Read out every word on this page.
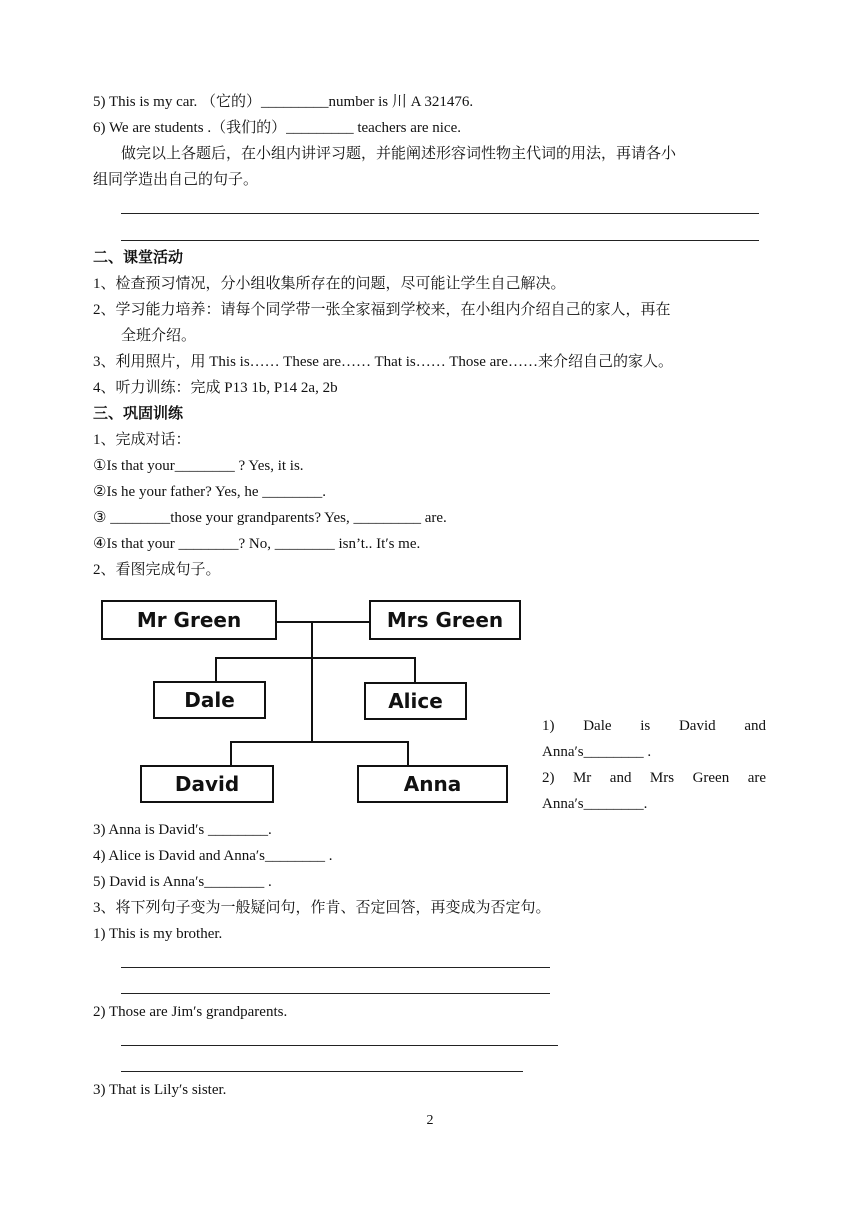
5) This is my car. （它的）_________number is 川 A 321476.
6) We are students .（我们的）_________ teachers are nice.
做完以上各题后，在小组内讲评习题，并能阐述形容词性物主代词的用法，再请各小
组同学造出自己的句子。
二、课堂活动
1、检查预习情况，分小组收集所存在的问题，尽可能让学生自己解决。
2、学习能力培养：请每个同学带一张全家福到学校来，在小组内介绍自己的家人，再在
全班介绍。
3、利用照片，用 This is…… These are…… That is…… Those are……来介绍自己的家人。
4、听力训练：完成 P13 1b, P14 2a, 2b
三、巩固训练
1、完成对话：
①Is that your________ ? Yes, it is.
②Is he your father? Yes, he ________.
③ ________those your grandparents? Yes, _________ are.
④Is that your ________? No, ________ isn’t.. It′s me.
2、看图完成句子。
Mr Green	Mrs Green
Dale	Alice
David	Anna
1) Dale is David and
Anna′s________ .
2) Mr and Mrs Green are
Anna′s________.
3) Anna is David′s ________.
4) Alice is David and Anna′s________ .
5) David is Anna′s________ .
3、将下列句子变为一般疑问句，作肯、否定回答，再变成为否定句。
1) This is my brother.
2) Those are Jim′s grandparents.
3) That is Lily′s sister.
2
